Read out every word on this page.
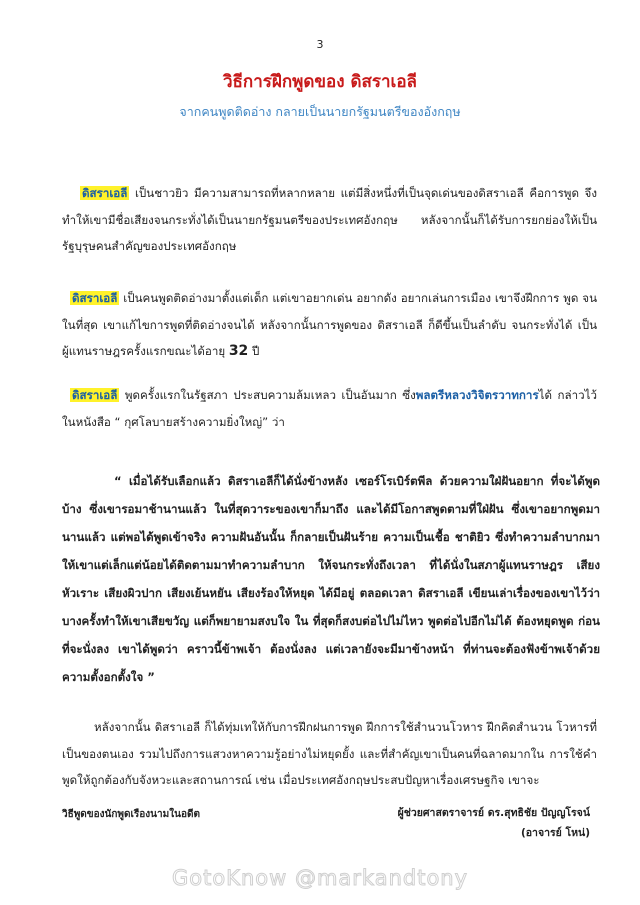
3
วิธีการฝึกพูดของ ดิสราเอลี
จากคนพูดติดอ่าง กลายเป็นนายกรัฐมนตรีของอังกฤษ
ดิสราเอลี เป็นชาวยิว มีความสามารถที่หลากหลาย แต่มีสิ่งหนึ่งที่เป็นจุดเด่นของดิสราเอลี คือการพูด จึงทำให้เขามีชื่อเสียงจนกระทั่งได้เป็นนายกรัฐมนตรีของประเทศอังกฤษ หลังจากนั้นก็ได้รับการยกย่องให้เป็น รัฐบุรุษคนสำคัญของประเทศอังกฤษ
ดิสราเอลี เป็นคนพูดติดอ่างมาตั้งแต่เด็ก แต่เขาอยากเด่น อยากดัง อยากเล่นการเมือง เขาจึงฝึกการ พูด จนในที่สุด เขาแก้ไขการพูดที่ติดอ่างจนได้ หลังจากนั้นการพูดของ ดิสราเอลี ก็ดีขึ้นเป็นลำดับ จนกระทั่งได้ เป็น ผู้แทนราษฎรครั้งแรกขณะได้อายุ 32 ปี
ดิสราเอลี พูดครั้งแรกในรัฐสภา ประสบความล้มเหลว เป็นอันมาก ซึ่งพลตรีหลวงวิจิตรวาทการได้ กล่าวไว้ในหนังสือ “ กุศโลบายสร้างความยิ่งใหญ่” ว่า
“ เมื่อได้รับเลือกแล้ว ดิสราเอลีก็ได้นั่งข้างหลัง เซอร์โรเบิร์ตพีล ด้วยความใฝ่ฝันอยาก ที่จะได้พูดบ้าง ซึ่งเขารอมาช้านานแล้ว ในที่สุดวาระของเขาก็มาถึง และได้มีโอกาสพูดตามที่ใฝ่ฝัน ซึ่งเขาอยากพูดมานานแล้ว แต่พอได้พูดเข้าจริง ความฝันอันนั้น ก็กลายเป็นฝันร้าย ความเป็นเชื้อ ชาติยิว ซึ่งทำความลำบากมาให้เขาแต่เล็กแต่น้อยได้ติดตามมาทำความลำบาก ให้จนกระทั่งถึงเวลา ที่ได้นั่งในสภาผู้แทนราษฎร เสียงหัวเราะ เสียงผิวปาก เสียงเย้นหยัน เสียงร้องให้หยุด ได้มีอยู่ ตลอดเวลา ดิสราเอลี เขียนเล่าเรื่องของเขาไว้ว่า บางครั้งทำให้เขาเสียขวัญ แต่ก็พยายามสงบใจ ใน ที่สุดก็สงบต่อไปไม่ไหว พูดต่อไปอีกไม่ได้ ต้องหยุดพูด ก่อนที่จะนั่งลง เขาได้พูดว่า คราวนี้ข้าพเจ้า ต้องนั่งลง แต่เวลายังจะมีมาข้างหน้า ที่ท่านจะต้องฟังข้าพเจ้าด้วยความตั้งอกตั้งใจ ”
หลังจากนั้น ดิสราเอลี ก็ได้ทุ่มเทให้กับการฝึกฝนการพูด ฝึกการใช้สำนวนโวหาร ฝึกคิดสำนวน โวหารที่เป็นของตนเอง รวมไปถึงการแสวงหาความรู้อย่างไม่หยุดยั้ง และที่สำคัญเขาเป็นคนที่ฉลาดมากใน การใช้คำพูดให้ถูกต้องกับจังหวะและสถานการณ์ เช่น เมื่อประเทศอังกฤษประสบปัญหาเรื่องเศรษฐกิจ เขาจะ
วิธีพูดของนักพูดเรืองนามในอดีต	ผู้ช่วยศาสตราจารย์ ดร.สุทธิชัย ปัญญโรจน์
(อาจารย์ โหน่)
GotoKnow @markandtony
